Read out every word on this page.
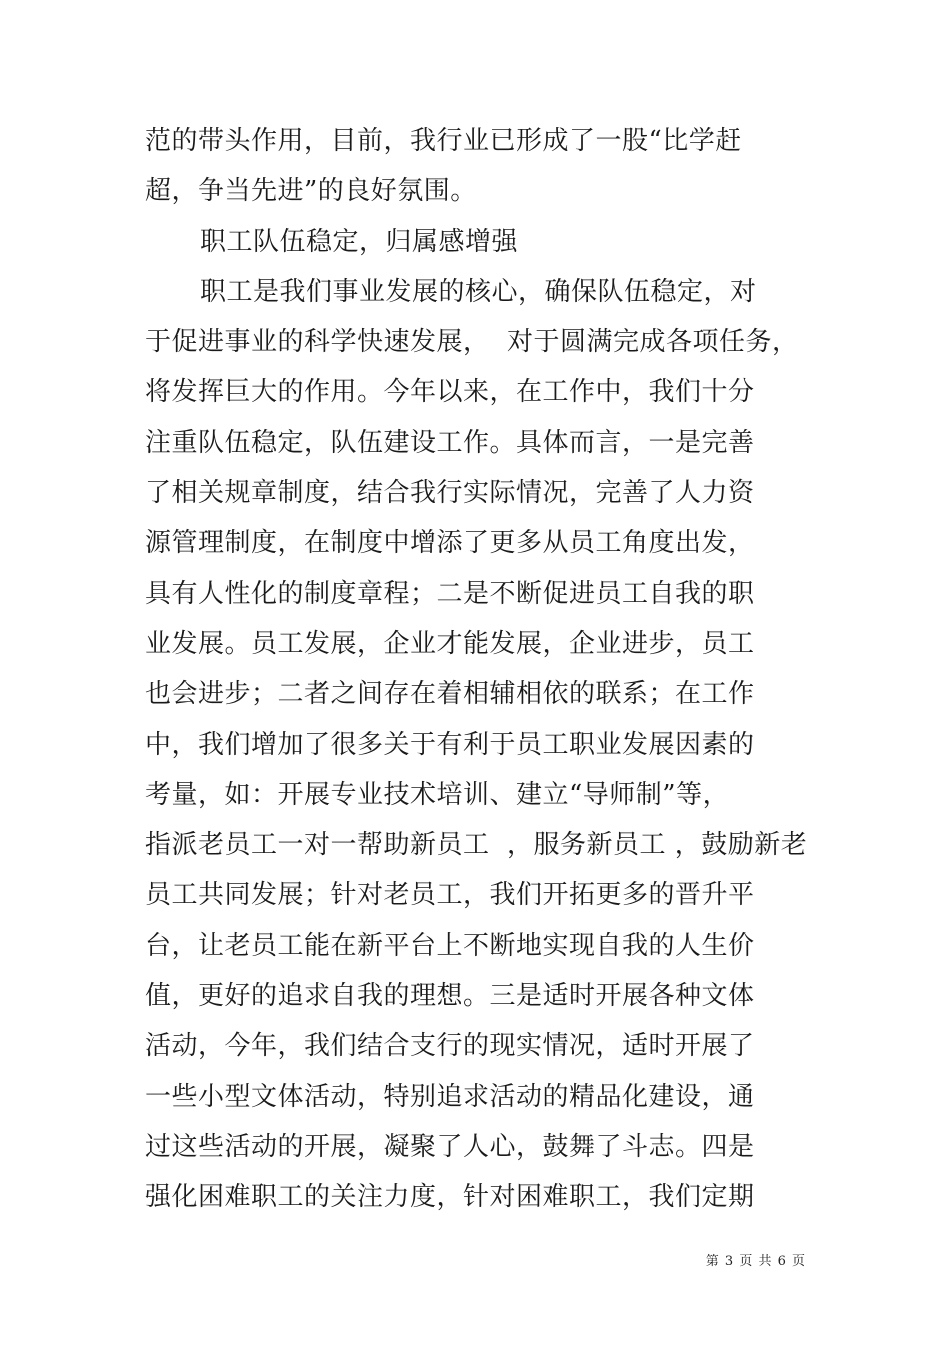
范的带头作用，目前，我行业已形成了一股“比学赶
超，争当先进”的良好氛围。
职工队伍稳定，归属感增强
职工是我们事业发展的核心，确保队伍稳定，对
于促进事业的科学快速发展，  对于圆满完成各项任务，
将发挥巨大的作用。今年以来，在工作中，我们十分
注重队伍稳定，队伍建设工作。具体而言，一是完善
了相关规章制度，结合我行实际情况，完善了人力资
源管理制度，在制度中增添了更多从员工角度出发，
具有人性化的制度章程；二是不断促进员工自我的职
业发展。员工发展，企业才能发展，企业进步，员工
也会进步；二者之间存在着相辅相依的联系；在工作
中，我们增加了很多关于有利于员工职业发展因素的
考量，如：开展专业技术培训、建立“导师制”等，
指派老员工一对一帮助新员工  ，服务新员工 ，鼓励新老
员工共同发展；针对老员工，我们开拓更多的晋升平
台，让老员工能在新平台上不断地实现自我的人生价
值，更好的追求自我的理想。三是适时开展各种文体
活动，今年，我们结合支行的现实情况，适时开展了
一些小型文体活动，特别追求活动的精品化建设，通
过这些活动的开展，凝聚了人心，鼓舞了斗志。四是
强化困难职工的关注力度，针对困难职工，我们定期
第 3 页 共 6 页
